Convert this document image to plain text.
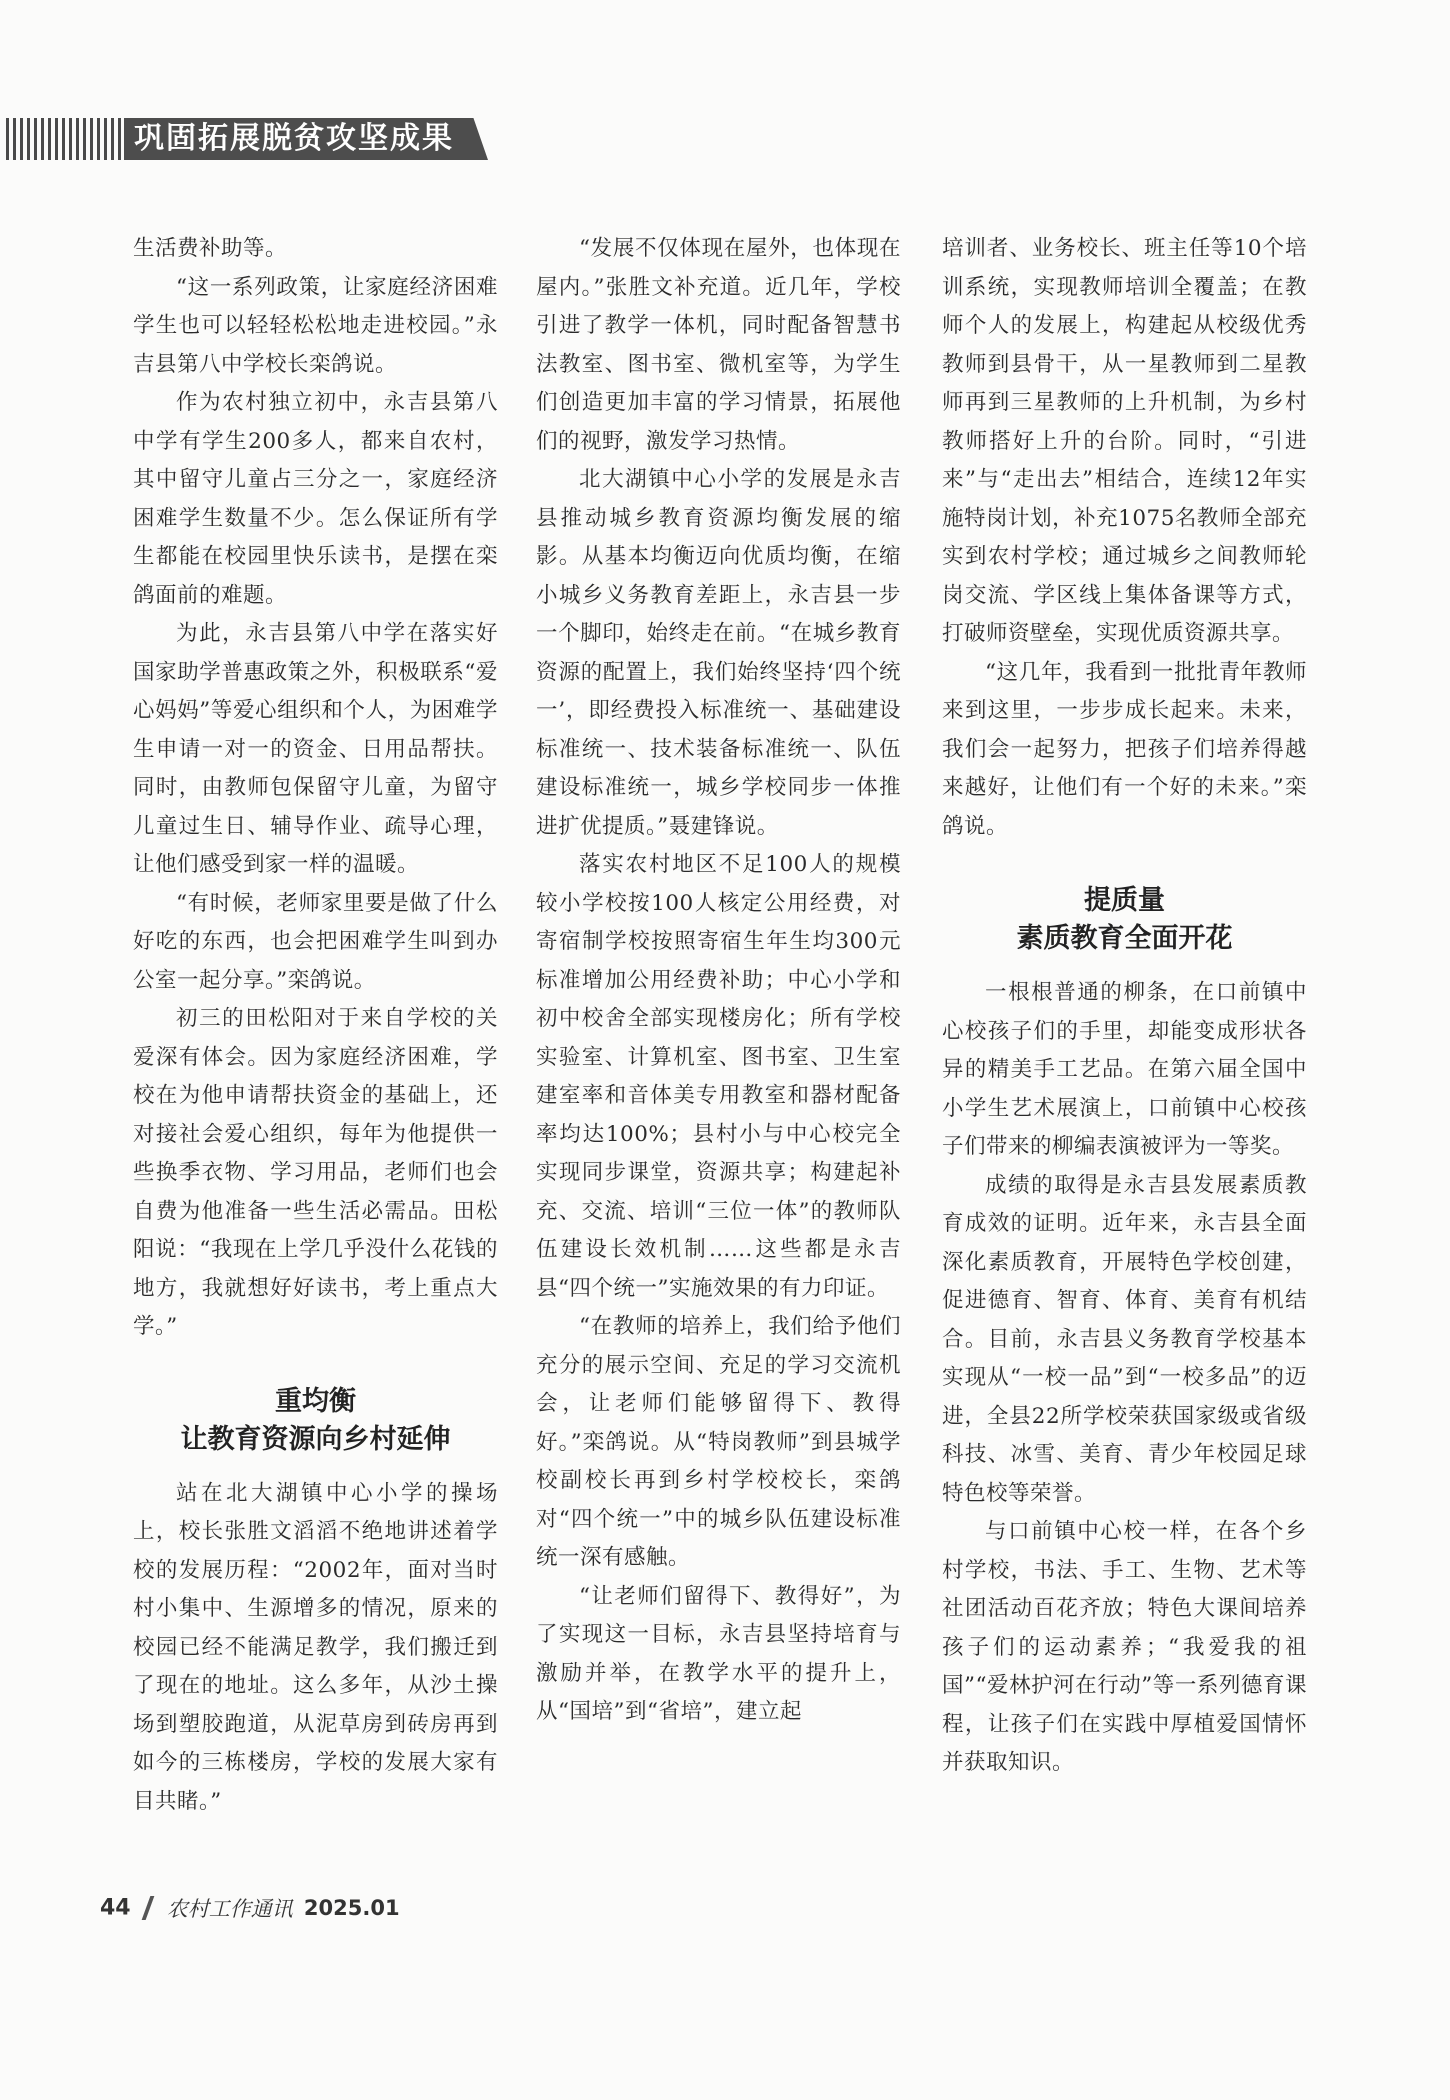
巩固拓展脱贫攻坚成果

生活费补助等。

“这一系列政策，让家庭经济困难学生也可以轻轻松松地走进校园。”永吉县第八中学校长栾鸽说。

作为农村独立初中，永吉县第八中学有学生200多人，都来自农村，其中留守儿童占三分之一，家庭经济困难学生数量不少。怎么保证所有学生都能在校园里快乐读书，是摆在栾鸽面前的难题。

为此，永吉县第八中学在落实好国家助学普惠政策之外，积极联系“爱心妈妈”等爱心组织和个人，为困难学生申请一对一的资金、日用品帮扶。同时，由教师包保留守儿童，为留守儿童过生日、辅导作业、疏导心理，让他们感受到家一样的温暖。

“有时候，老师家里要是做了什么好吃的东西，也会把困难学生叫到办公室一起分享。”栾鸽说。

初三的田松阳对于来自学校的关爱深有体会。因为家庭经济困难，学校在为他申请帮扶资金的基础上，还对接社会爱心组织，每年为他提供一些换季衣物、学习用品，老师们也会自费为他准备一些生活必需品。田松阳说：“我现在上学几乎没什么花钱的地方，我就想好好读书，考上重点大学。”

重均衡
让教育资源向乡村延伸

站在北大湖镇中心小学的操场上，校长张胜文滔滔不绝地讲述着学校的发展历程：“2002年，面对当时村小集中、生源增多的情况，原来的校园已经不能满足教学，我们搬迁到了现在的地址。这么多年，从沙土操场到塑胶跑道，从泥草房到砖房再到如今的三栋楼房，学校的发展大家有目共睹。”

“发展不仅体现在屋外，也体现在屋内。”张胜文补充道。近几年，学校引进了教学一体机，同时配备智慧书法教室、图书室、微机室等，为学生们创造更加丰富的学习情景，拓展他们的视野，激发学习热情。

北大湖镇中心小学的发展是永吉县推动城乡教育资源均衡发展的缩影。从基本均衡迈向优质均衡，在缩小城乡义务教育差距上，永吉县一步一个脚印，始终走在前。“在城乡教育资源的配置上，我们始终坚持‘四个统一’，即经费投入标准统一、基础建设标准统一、技术装备标准统一、队伍建设标准统一，城乡学校同步一体推进扩优提质。”聂建锋说。

落实农村地区不足100人的规模较小学校按100人核定公用经费，对寄宿制学校按照寄宿生年生均300元标准增加公用经费补助；中心小学和初中校舍全部实现楼房化；所有学校实验室、计算机室、图书室、卫生室建室率和音体美专用教室和器材配备率均达100%；县村小与中心校完全实现同步课堂，资源共享；构建起补充、交流、培训“三位一体”的教师队伍建设长效机制……这些都是永吉县“四个统一”实施效果的有力印证。

“在教师的培养上，我们给予他们充分的展示空间、充足的学习交流机会，让老师们能够留得下、教得好。”栾鸽说。从“特岗教师”到县城学校副校长再到乡村学校校长，栾鸽对“四个统一”中的城乡队伍建设标准统一深有感触。

“让老师们留得下、教得好”，为了实现这一目标，永吉县坚持培育与激励并举，在教学水平的提升上，从“国培”到“省培”，建立起

培训者、业务校长、班主任等10个培训系统，实现教师培训全覆盖；在教师个人的发展上，构建起从校级优秀教师到县骨干，从一星教师到二星教师再到三星教师的上升机制，为乡村教师搭好上升的台阶。同时，“引进来”与“走出去”相结合，连续12年实施特岗计划，补充1075名教师全部充实到农村学校；通过城乡之间教师轮岗交流、学区线上集体备课等方式，打破师资壁垒，实现优质资源共享。

“这几年，我看到一批批青年教师来到这里，一步步成长起来。未来，我们会一起努力，把孩子们培养得越来越好，让他们有一个好的未来。”栾鸽说。

提质量
素质教育全面开花

一根根普通的柳条，在口前镇中心校孩子们的手里，却能变成形状各异的精美手工艺品。在第六届全国中小学生艺术展演上，口前镇中心校孩子们带来的柳编表演被评为一等奖。

成绩的取得是永吉县发展素质教育成效的证明。近年来，永吉县全面深化素质教育，开展特色学校创建，促进德育、智育、体育、美育有机结合。目前，永吉县义务教育学校基本实现从“一校一品”到“一校多品”的迈进，全县22所学校荣获国家级或省级科技、冰雪、美育、青少年校园足球特色校等荣誉。

与口前镇中心校一样，在各个乡村学校，书法、手工、生物、艺术等社团活动百花齐放；特色大课间培养孩子们的运动素养；“我爱我的祖国”“爱林护河在行动”等一系列德育课程，让孩子们在实践中厚植爱国情怀并获取知识。

44 农村工作通讯 2025.01
